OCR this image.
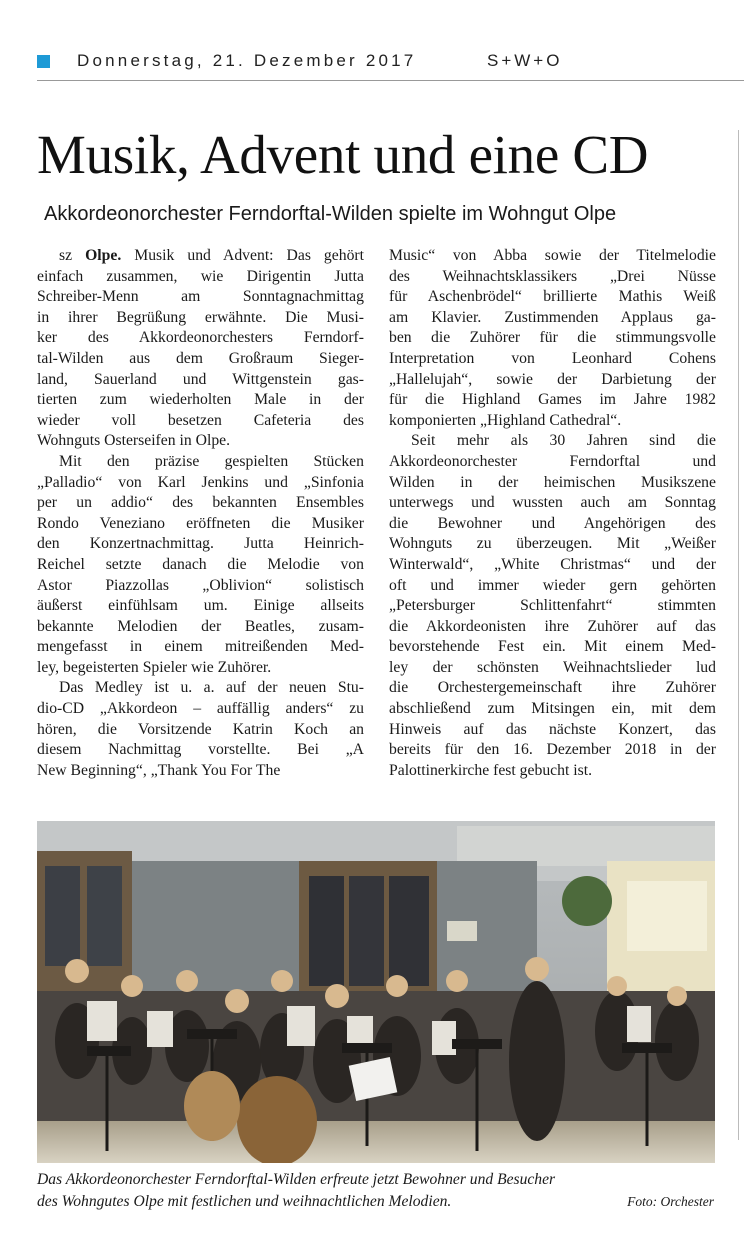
Donnerstag, 21. Dezember 2017	S+W+O
Musik, Advent und eine CD
Akkordeonorchester Ferndorftal-Wilden spielte im Wohngut Olpe
sz Olpe. Musik und Advent: Das gehört
einfach zusammen, wie Dirigentin Jutta
Schreiber-Menn am Sonntagnachmittag
in ihrer Begrüßung erwähnte. Die Musi-
ker des Akkordeonorchesters Ferndorf-
tal-Wilden aus dem Großraum Sieger-
land, Sauerland und Wittgenstein gas-
tierten zum wiederholten Male in der
wieder voll besetzen Cafeteria des
Wohnguts Osterseifen in Olpe.
Mit den präzise gespielten Stücken
„Palladio“ von Karl Jenkins und „Sinfonia
per un addio“ des bekannten Ensembles
Rondo Veneziano eröffneten die Musiker
den Konzertnachmittag. Jutta Heinrich-
Reichel setzte danach die Melodie von
Astor Piazzollas „Oblivion“ solistisch
äußerst einfühlsam um. Einige allseits
bekannte Melodien der Beatles, zusam-
mengefasst in einem mitreißenden Med-
ley, begeisterten Spieler wie Zuhörer.
Das Medley ist u. a. auf der neuen Stu-
dio-CD „Akkordeon – auffällig anders“ zu
hören, die Vorsitzende Katrin Koch an
diesem Nachmittag vorstellte. Bei „A
New Beginning“, „Thank You For The
Music“ von Abba sowie der Titelmelodie
des Weihnachtsklassikers „Drei Nüsse
für Aschenbrödel“ brillierte Mathis Weiß
am Klavier. Zustimmenden Applaus ga-
ben die Zuhörer für die stimmungsvolle
Interpretation von Leonhard Cohens
„Hallelujah“, sowie der Darbietung der
für die Highland Games im Jahre 1982
komponierten „Highland Cathedral“.
Seit mehr als 30 Jahren sind die
Akkordeonorchester Ferndorftal und
Wilden in der heimischen Musikszene
unterwegs und wussten auch am Sonntag
die Bewohner und Angehörigen des
Wohnguts zu überzeugen. Mit „Weißer
Winterwald“, „White Christmas“ und der
oft und immer wieder gern gehörten
„Petersburger Schlittenfahrt“ stimmten
die Akkordeonisten ihre Zuhörer auf das
bevorstehende Fest ein. Mit einem Med-
ley der schönsten Weihnachtslieder lud
die Orchestergemeinschaft ihre Zuhörer
abschließend zum Mitsingen ein, mit dem
Hinweis auf das nächste Konzert, das
bereits für den 16. Dezember 2018 in der
Palottinerkirche fest gebucht ist.
Das Akkordeonorchester Ferndorftal-Wilden erfreute jetzt Bewohner und Besucher
des Wohngutes Olpe mit festlichen und weihnachtlichen Melodien.	Foto: Orchester
